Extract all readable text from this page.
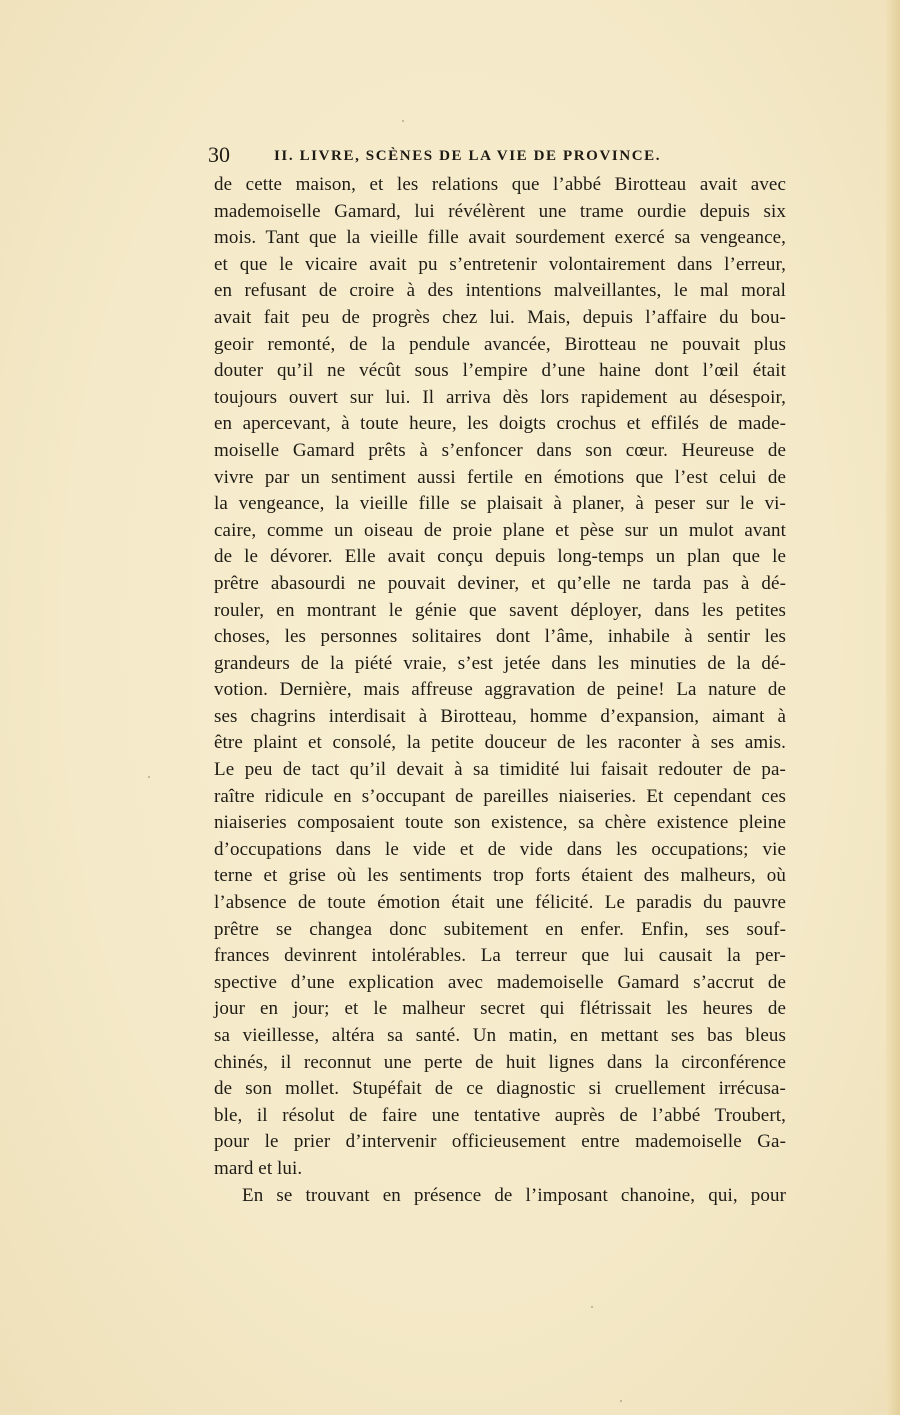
30	II. LIVRE, SCÈNES DE LA VIE DE PROVINCE.
de cette maison, et les relations que l’abbé Birotteau avait avec
mademoiselle Gamard, lui révélèrent une trame ourdie depuis six
mois. Tant que la vieille fille avait sourdement exercé sa vengeance,
et que le vicaire avait pu s’entretenir volontairement dans l’erreur,
en refusant de croire à des intentions malveillantes, le mal moral
avait fait peu de progrès chez lui. Mais, depuis l’affaire du bou-
geoir remonté, de la pendule avancée, Birotteau ne pouvait plus
douter qu’il ne vécût sous l’empire d’une haine dont l’œil était
toujours ouvert sur lui. Il arriva dès lors rapidement au désespoir,
en apercevant, à toute heure, les doigts crochus et effilés de made-
moiselle Gamard prêts à s’enfoncer dans son cœur. Heureuse de
vivre par un sentiment aussi fertile en émotions que l’est celui de
la vengeance, la vieille fille se plaisait à planer, à peser sur le vi-
caire, comme un oiseau de proie plane et pèse sur un mulot avant
de le dévorer. Elle avait conçu depuis long-temps un plan que le
prêtre abasourdi ne pouvait deviner, et qu’elle ne tarda pas à dé-
rouler, en montrant le génie que savent déployer, dans les petites
choses, les personnes solitaires dont l’âme, inhabile à sentir les
grandeurs de la piété vraie, s’est jetée dans les minuties de la dé-
votion. Dernière, mais affreuse aggravation de peine! La nature de
ses chagrins interdisait à Birotteau, homme d’expansion, aimant à
être plaint et consolé, la petite douceur de les raconter à ses amis.
Le peu de tact qu’il devait à sa timidité lui faisait redouter de pa-
raître ridicule en s’occupant de pareilles niaiseries. Et cependant ces
niaiseries composaient toute son existence, sa chère existence pleine
d’occupations dans le vide et de vide dans les occupations; vie
terne et grise où les sentiments trop forts étaient des malheurs, où
l’absence de toute émotion était une félicité. Le paradis du pauvre
prêtre se changea donc subitement en enfer. Enfin, ses souf-
frances devinrent intolérables. La terreur que lui causait la per-
spective d’une explication avec mademoiselle Gamard s’accrut de
jour en jour; et le malheur secret qui flétrissait les heures de
sa vieillesse, altéra sa santé. Un matin, en mettant ses bas bleus
chinés, il reconnut une perte de huit lignes dans la circonférence
de son mollet. Stupéfait de ce diagnostic si cruellement irrécusa-
ble, il résolut de faire une tentative auprès de l’abbé Troubert,
pour le prier d’intervenir officieusement entre mademoiselle Ga-
mard et lui.
En se trouvant en présence de l’imposant chanoine, qui, pour
